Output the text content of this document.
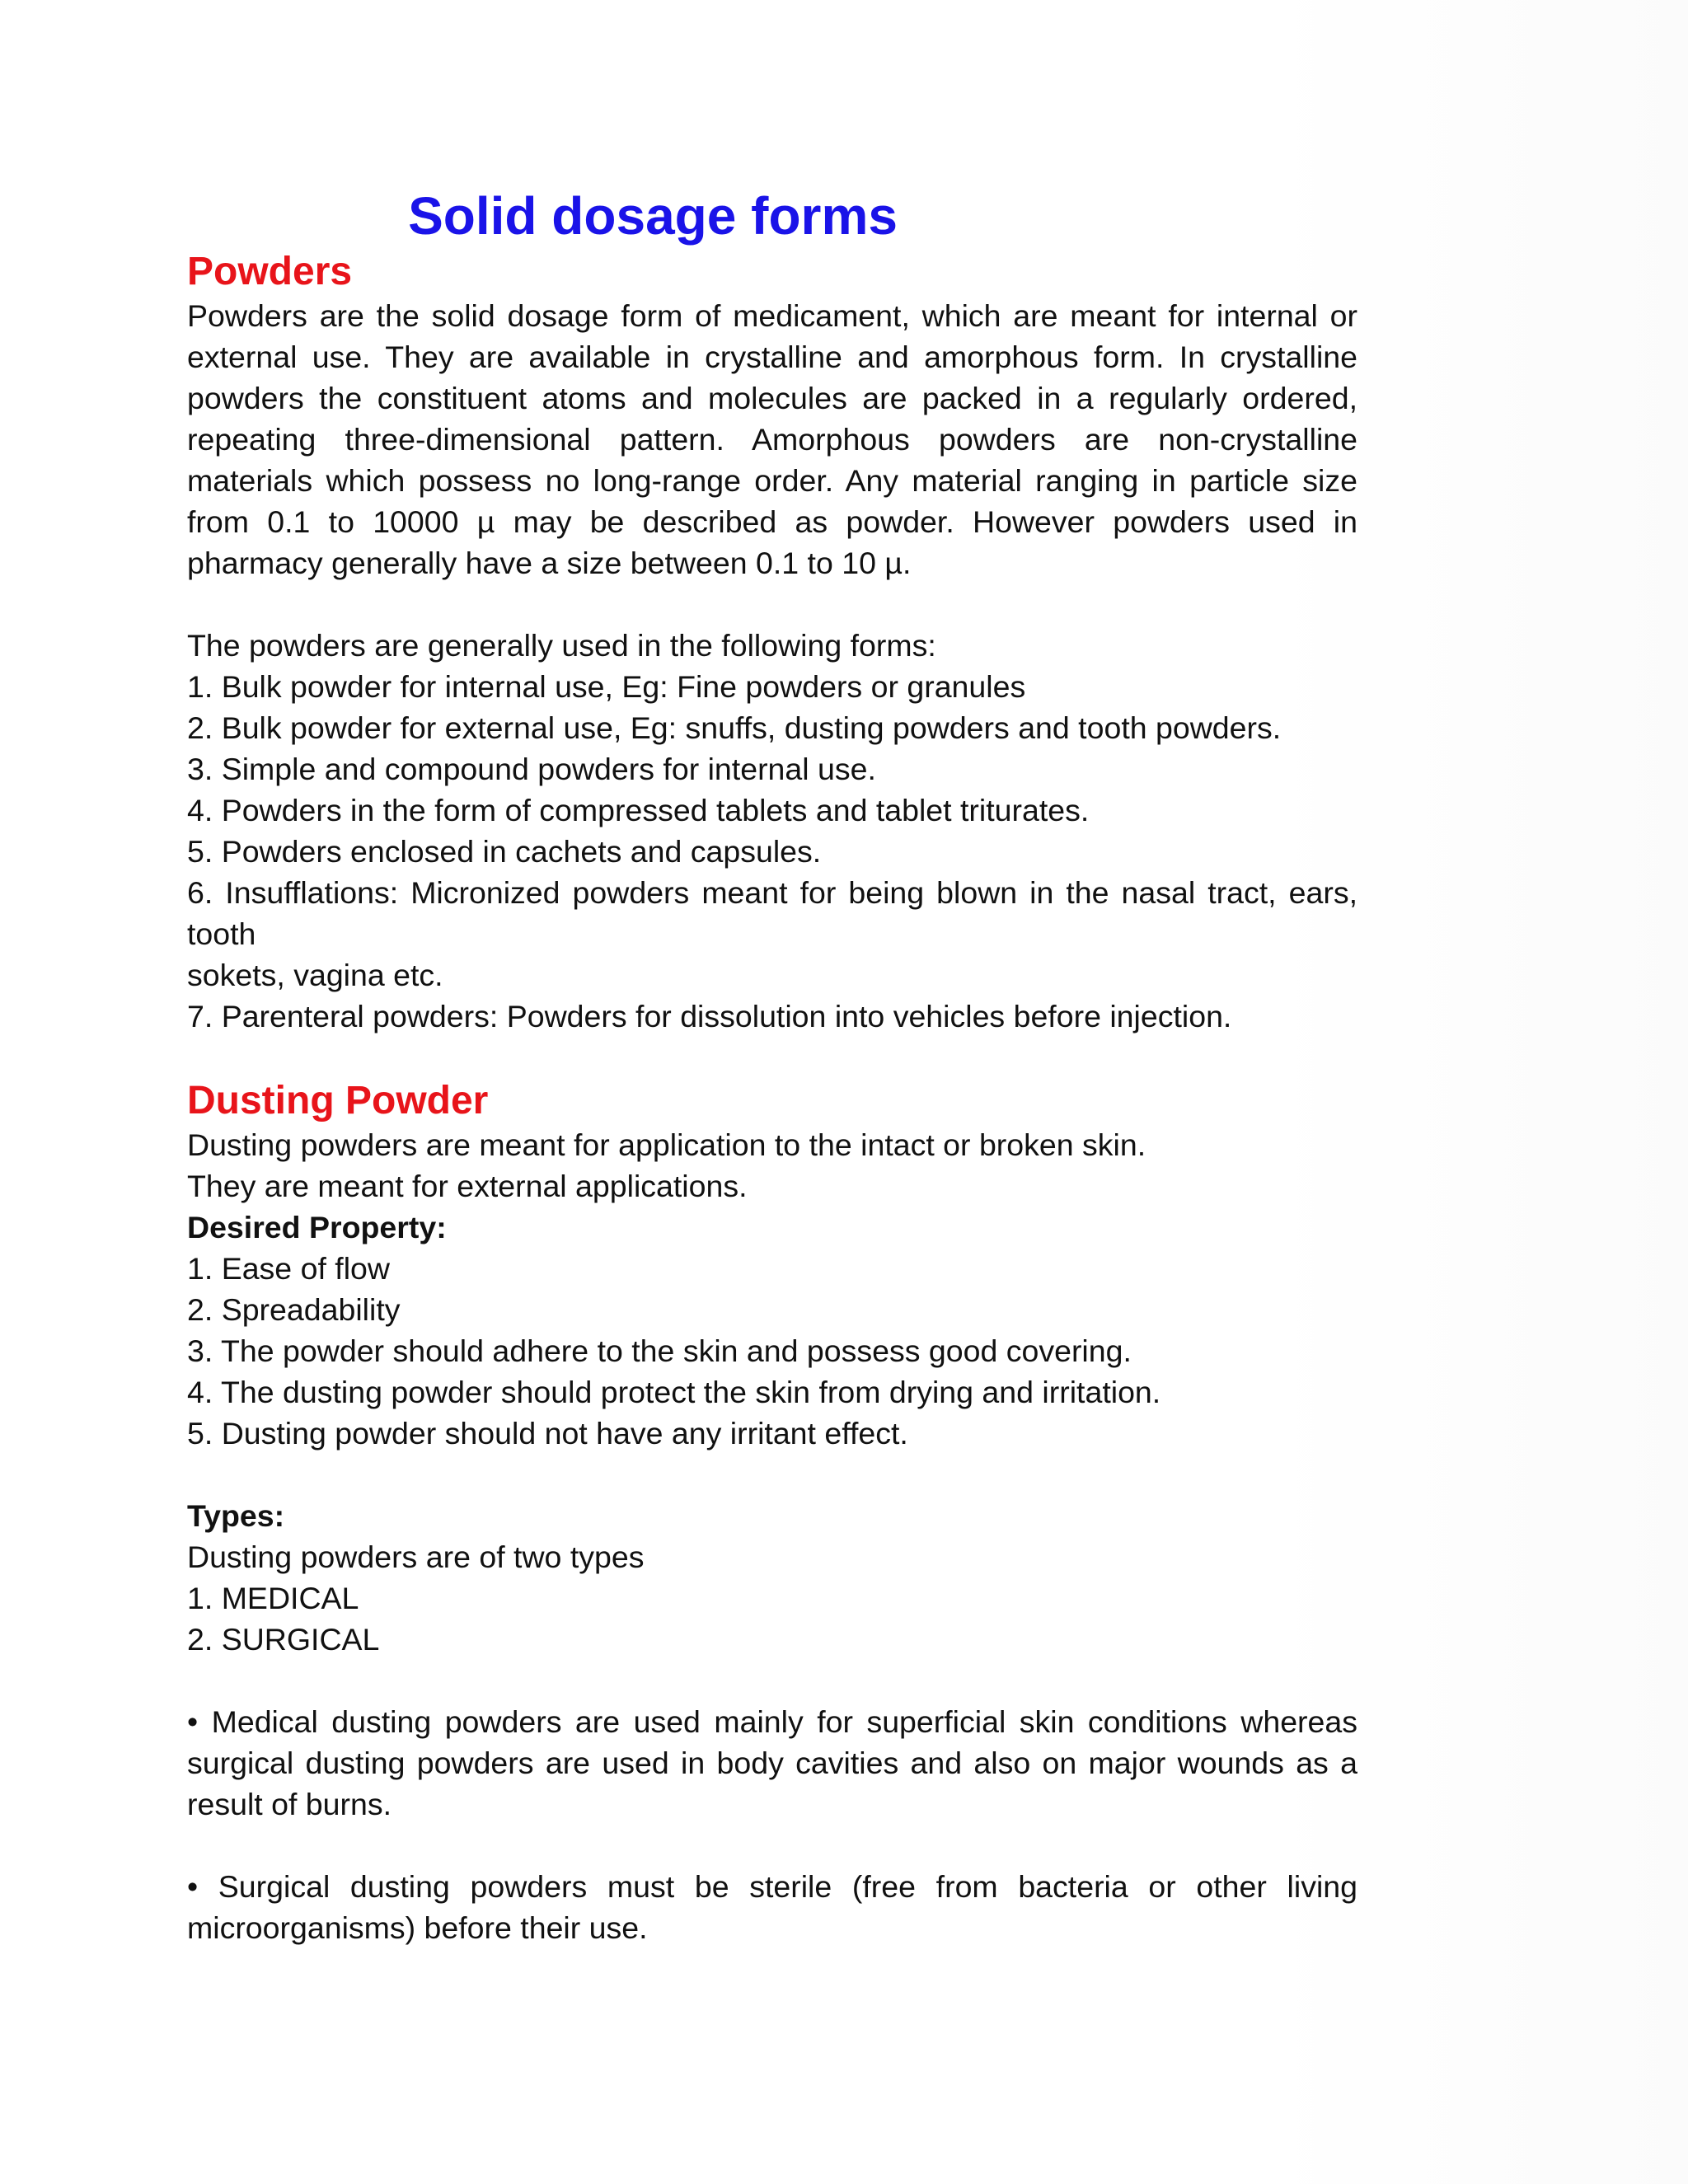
Solid dosage forms
Powders

Powders are the solid dosage form of medicament, which are meant for internal or external use. They are available in crystalline and amorphous form. In crystalline powders the constituent atoms and molecules are packed in a regularly ordered, repeating three-dimensional pattern. Amorphous powders are non-crystalline materials which possess no long-range order. Any material ranging in particle size from 0.1 to 10000 µ may be described as powder. However powders used in pharmacy generally have a size between 0.1 to 10 µ.

The powders are generally used in the following forms:

1. Bulk powder for internal use, Eg: Fine powders or granules

2. Bulk powder for external use, Eg: snuffs, dusting powders and tooth powders.

3. Simple and compound powders for internal use.

4. Powders in the form of compressed tablets and tablet triturates.

5. Powders enclosed in cachets and capsules.

6. Insufflations: Micronized powders meant for being blown in the nasal tract, ears,

tooth

sokets, vagina etc.

7. Parenteral powders: Powders for dissolution into vehicles before injection.

Dusting Powder

Dusting powders are meant for application to the intact or broken skin.

They are meant for external applications.

Desired Property:

1. Ease of flow

2. Spreadability

3. The powder should adhere to the skin and possess good covering.

4. The dusting powder should protect the skin from drying and irritation.

5. Dusting powder should not have any irritant effect.

Types:

Dusting powders are of two types

1. MEDICAL

2. SURGICAL

• Medical dusting powders are used mainly for superficial skin conditions whereas surgical dusting powders are used in body cavities and also on major wounds as a result of burns.

• Surgical dusting powders must be sterile (free from bacteria or other living microorganisms) before their use.
